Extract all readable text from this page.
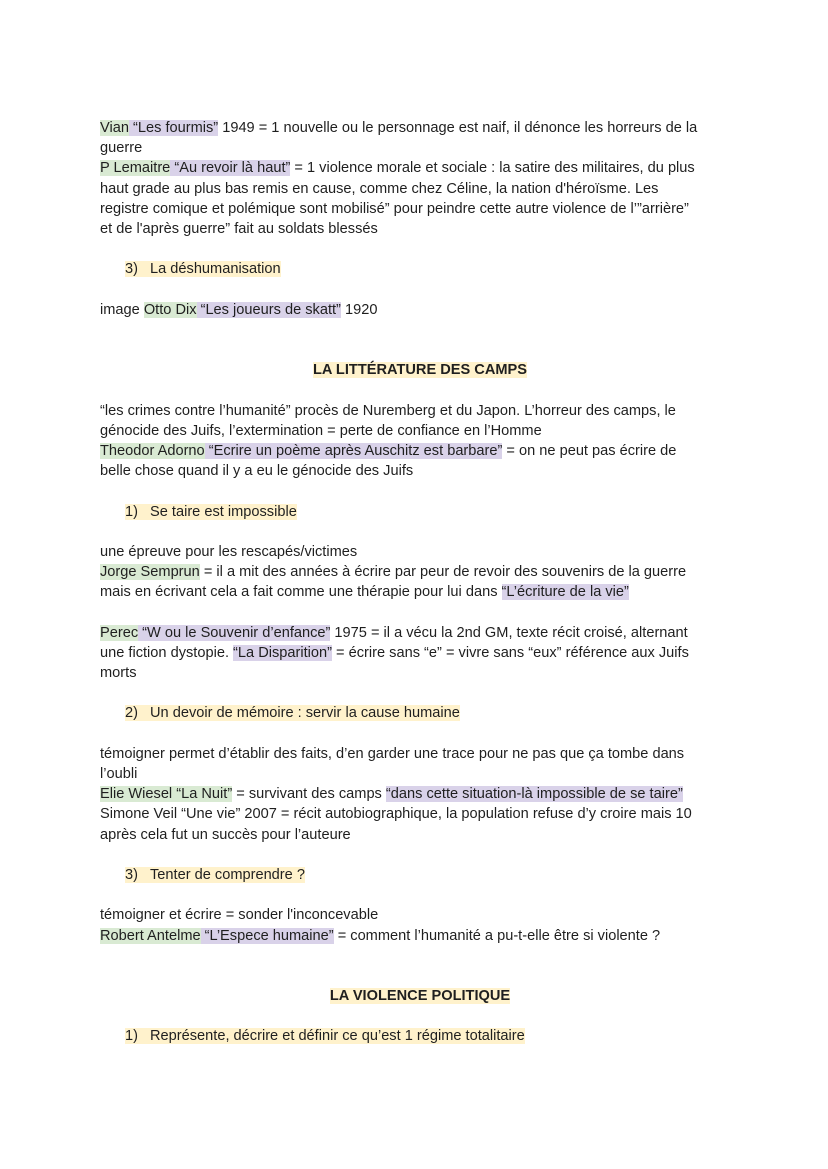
Vian “Les fourmis” 1949 = 1 nouvelle ou le personnage est naif, il dénonce les horreurs de la
guerre
P Lemaitre “Au revoir là haut” = 1 violence morale et sociale : la satire des militaires, du plus
haut grade au plus bas remis en cause, comme chez Céline, la nation d'héroïsme. Les
registre comique et polémique sont mobilisé” pour peindre cette autre violence de l’”arrière”
et de l'après guerre” fait au soldats blessés
3) La déshumanisation
image Otto Dix “Les joueurs de skatt” 1920
LA LITTÉRATURE DES CAMPS
“les crimes contre l’humanité” procès de Nuremberg et du Japon. L’horreur des camps, le
génocide des Juifs, l’extermination = perte de confiance en l’Homme
Theodor Adorno “Ecrire un poème après Auschitz est barbare” = on ne peut pas écrire de
belle chose quand il y a eu le génocide des Juifs
1) Se taire est impossible
une épreuve pour les rescapés/victimes
Jorge Semprun = il a mit des années à écrire par peur de revoir des souvenirs de la guerre
mais en écrivant cela a fait comme une thérapie pour lui dans “L’écriture de la vie”
Perec “W ou le Souvenir d’enfance” 1975 = il a vécu la 2nd GM, texte récit croisé, alternant
une fiction dystopie. “La Disparition” = écrire sans “e” = vivre sans “eux” référence aux Juifs
morts
2) Un devoir de mémoire : servir la cause humaine
témoigner permet d’établir des faits, d’en garder une trace pour ne pas que ça tombe dans
l’oubli
Elie Wiesel “La Nuit” = survivant des camps “dans cette situation-là impossible de se taire”
Simone Veil “Une vie” 2007 = récit autobiographique, la population refuse d’y croire mais 10
après cela fut un succès pour l’auteure
3) Tenter de comprendre ?
témoigner et écrire = sonder l'inconcevable
Robert Antelme “L’Espece humaine” = comment l’humanité a pu-t-elle être si violente ?
LA VIOLENCE POLITIQUE
1) Représente, décrire et définir ce qu’est 1 régime totalitaire
